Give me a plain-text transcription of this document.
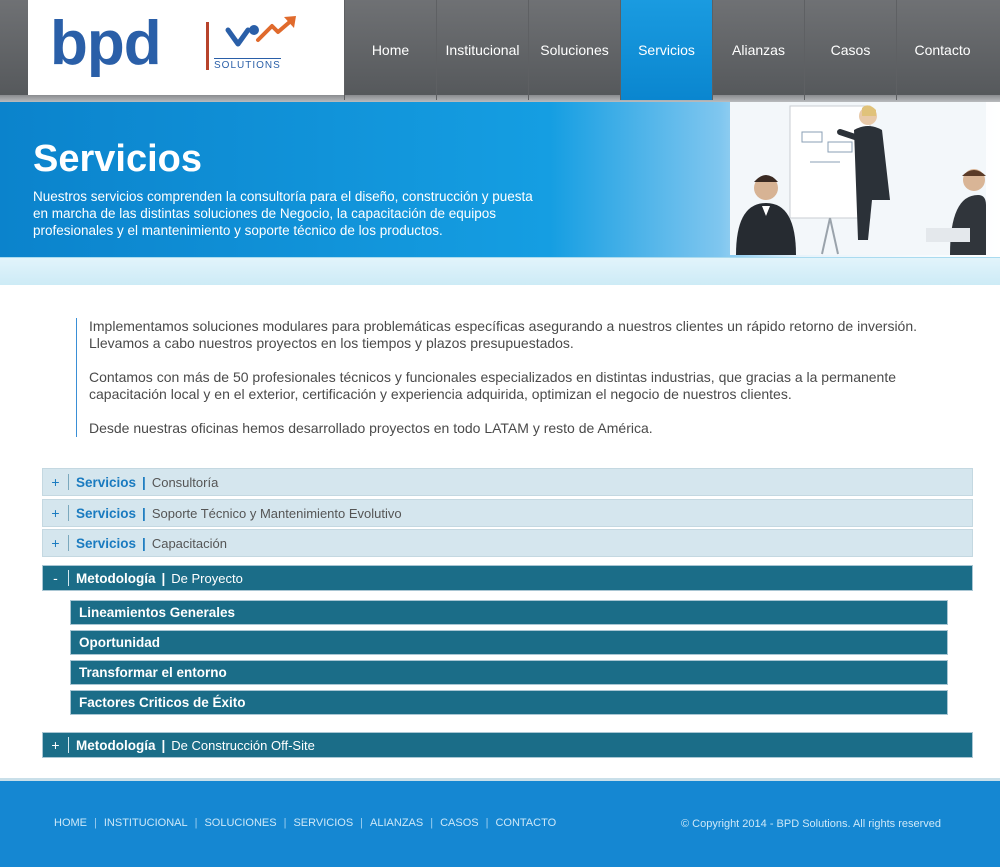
bpd	SOLUTIONS
Home	Institucional Soluciones Servicios	Alianzas	Casos	Contacto
Servicios

Nuestros servicios comprenden la consultoría para el diseño, construcción y puesta en marcha de las distintas soluciones de Negocio, la capacitación de equipos profesionales y el mantenimiento y soporte técnico de los productos.

Implementamos soluciones modulares para problemáticas específicas asegurando a nuestros clientes un rápido retorno de inversión. Llevamos a cabo nuestros proyectos en los tiempos y plazos presupuestados.

Contamos con más de 50 profesionales técnicos y funcionales especializados en distintas industrias, que gracias a la permanente capacitación local y en el exterior, certificación y experiencia adquirida, optimizan el negocio de nuestros clientes.

Desde nuestras oficinas hemos desarrollado proyectos en todo LATAM y resto de América.

+	Servicios | Consultoría
+	Servicios | Soporte Técnico y Mantenimiento Evolutivo
+	Servicios | Capacitación
-	Metodología | De Proyecto
Lineamientos Generales
Oportunidad
Transformar el entorno
Factores Criticos de Éxito
+	Metodología | De Construcción Off-Site
HOME | INSTITUCIONAL | SOLUCIONES | SERVICIOS | ALIANZAS | CASOS | CONTACTO	© Copyright 2014 - BPD Solutions. All rights reserved
